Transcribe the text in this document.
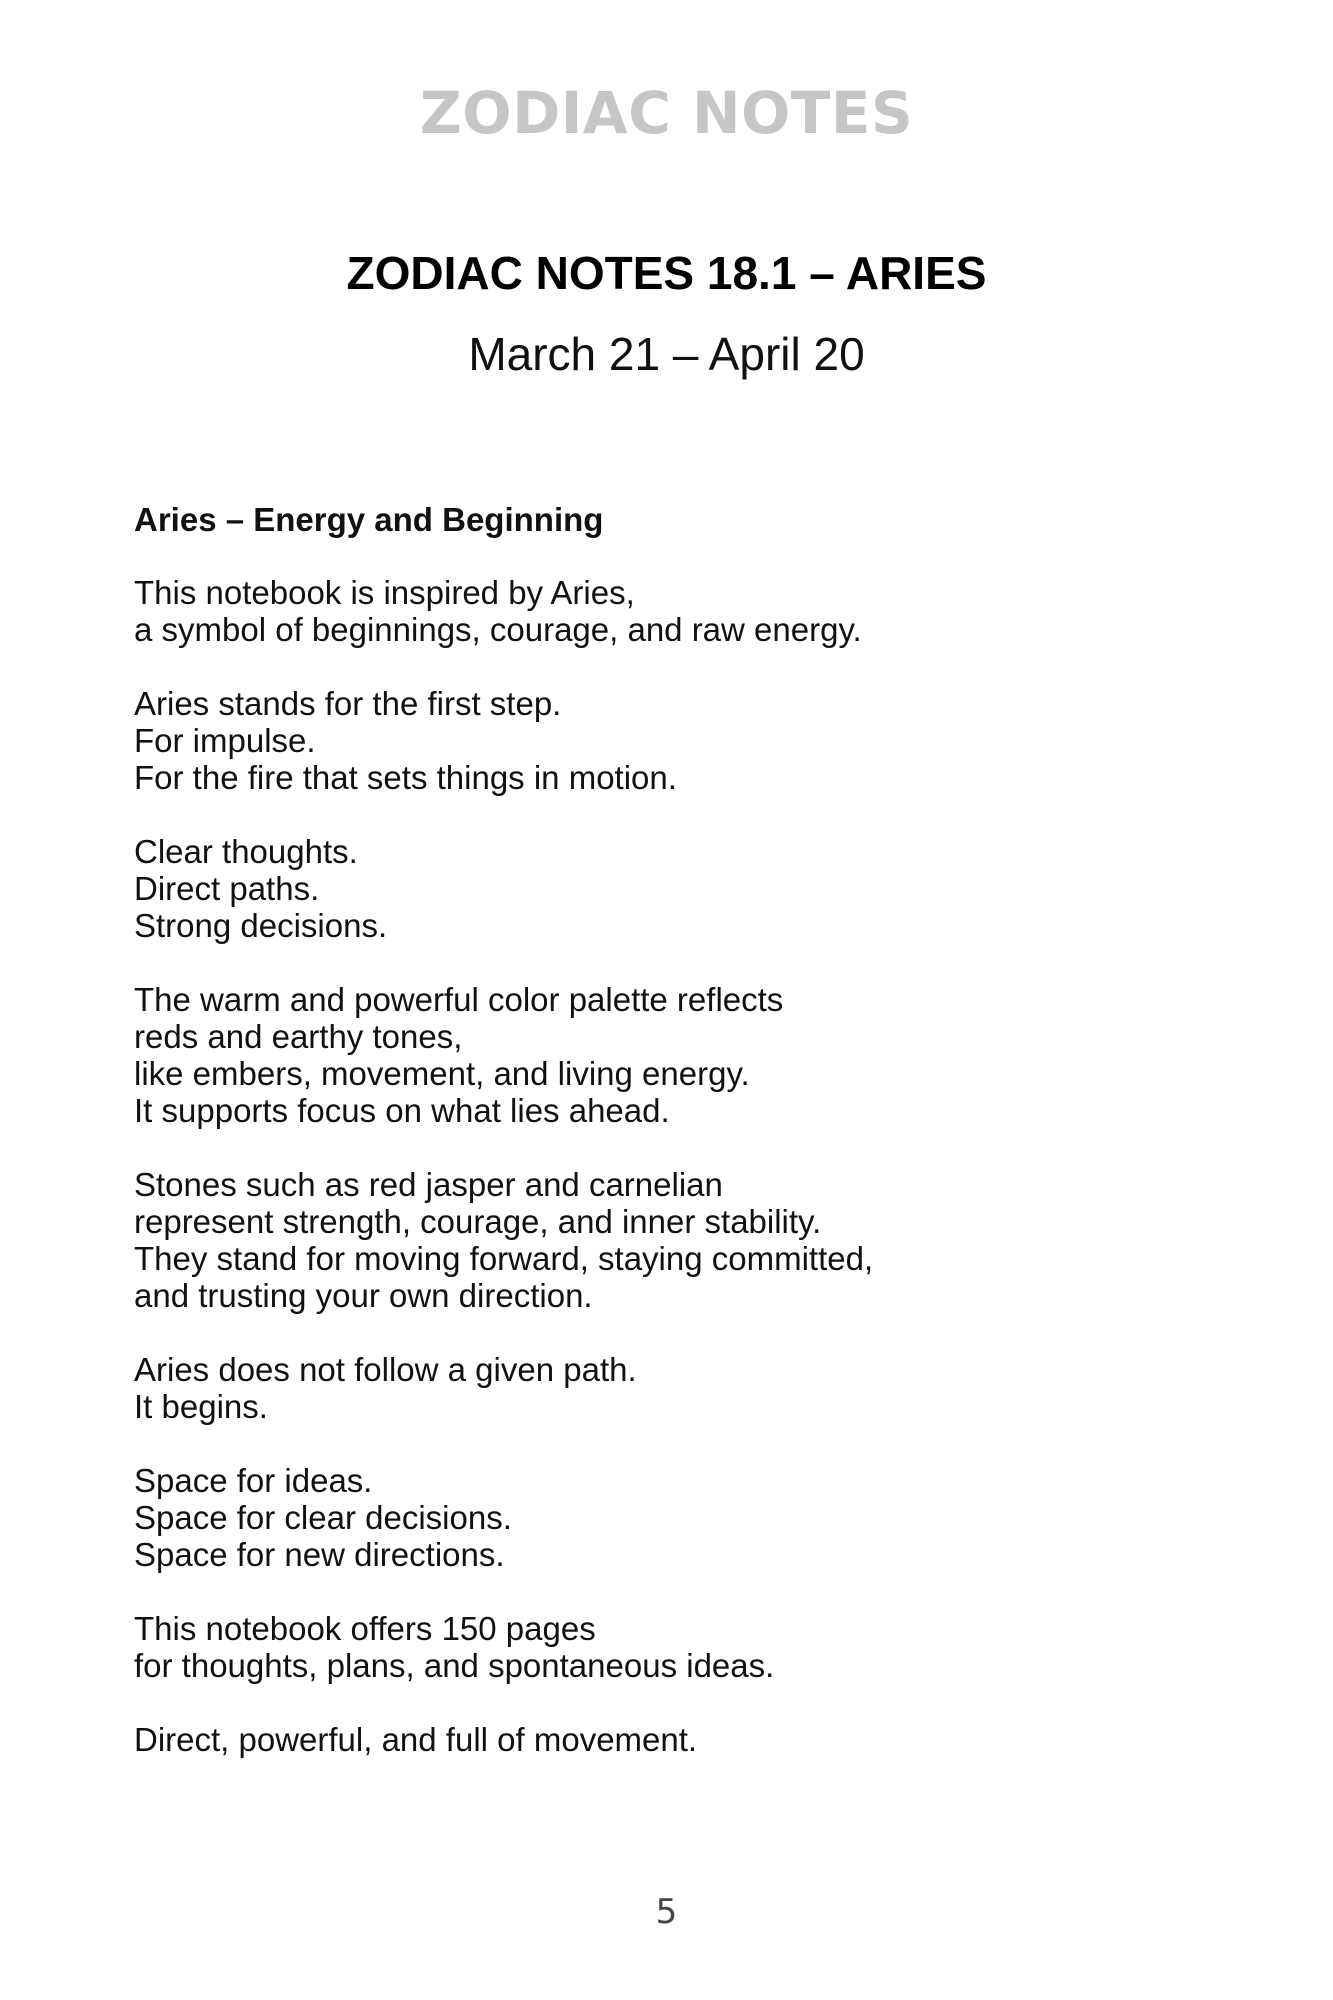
ZODIAC NOTES
ZODIAC NOTES 18.1 – ARIES
March 21 – April 20
Aries – Energy and Beginning
This notebook is inspired by Aries,
a symbol of beginnings, courage, and raw energy.
Aries stands for the first step.
For impulse.
For the fire that sets things in motion.
Clear thoughts.
Direct paths.
Strong decisions.
The warm and powerful color palette reflects
reds and earthy tones,
like embers, movement, and living energy.
It supports focus on what lies ahead.
Stones such as red jasper and carnelian
represent strength, courage, and inner stability.
They stand for moving forward, staying committed,
and trusting your own direction.
Aries does not follow a given path.
It begins.
Space for ideas.
Space for clear decisions.
Space for new directions.
This notebook offers 150 pages
for thoughts, plans, and spontaneous ideas.
Direct, powerful, and full of movement.
5
